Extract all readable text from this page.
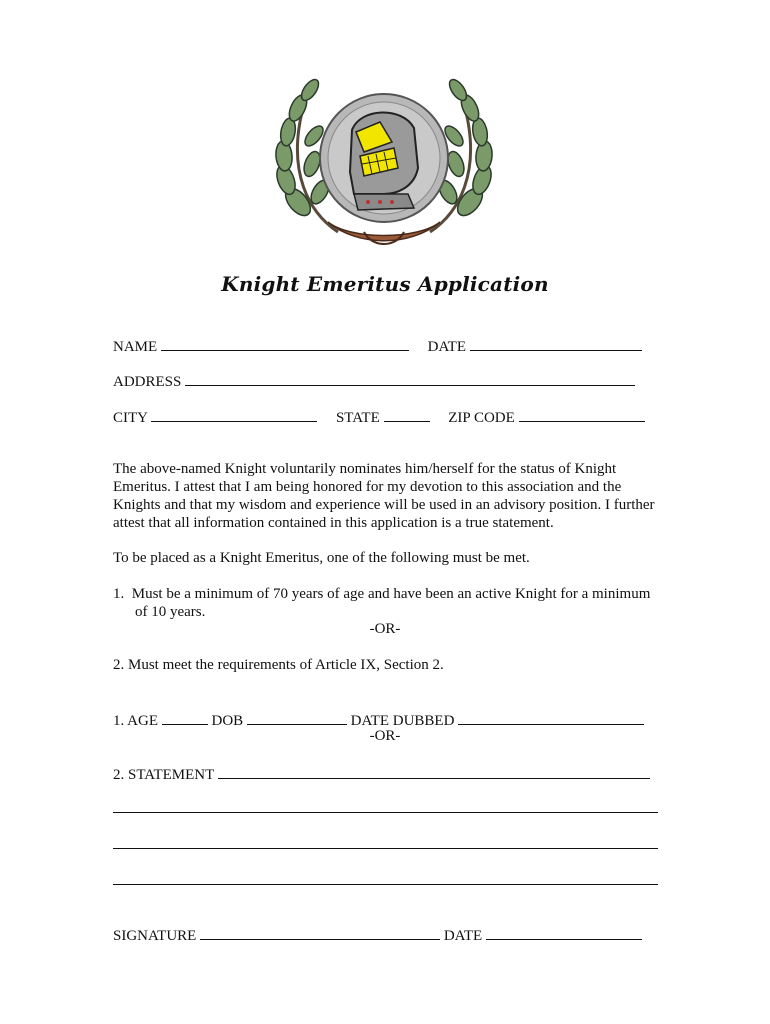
Knight Emeritus Application
NAME	DATE
ADDRESS
CITY	STATE	ZIP CODE
The above-named Knight voluntarily nominates him/herself for the status of Knight Emeritus. I attest that I am being honored for my devotion to this association and the Knights and that my wisdom and experience will be used in an advisory position. I further attest that all information contained in this application is a true statement.
To be placed as a Knight Emeritus, one of the following must be met.
1.  Must be a minimum of 70 years of age and have been an active Knight for a minimum of 10 years.
-OR-
2. Must meet the requirements of Article IX, Section 2.
1. AGE	DOB	DATE DUBBED
-OR-
2. STATEMENT
SIGNATURE	DATE
